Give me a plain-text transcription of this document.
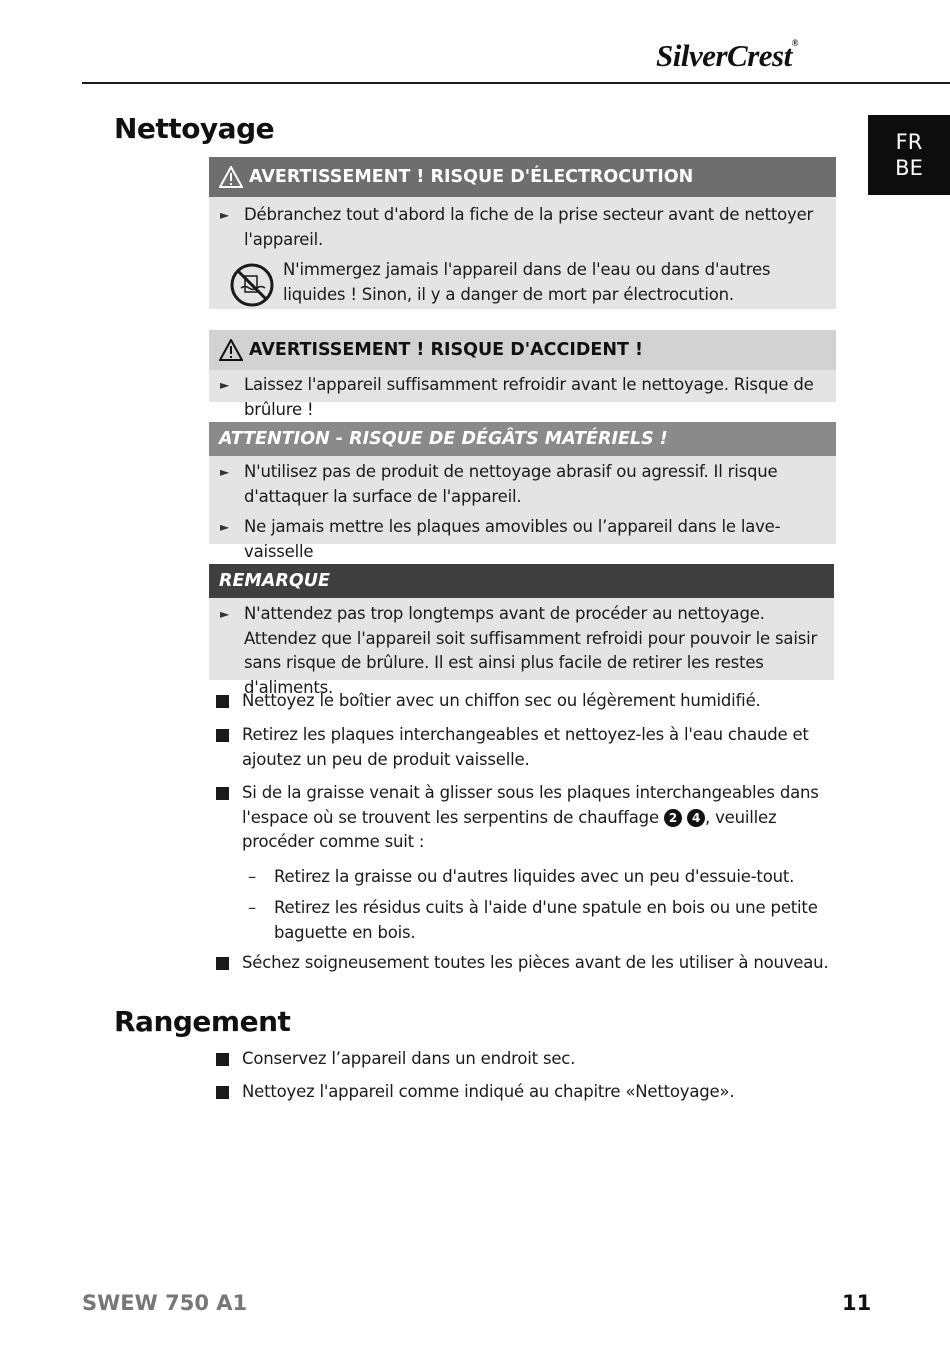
SilverCrest®
FR
BE
Nettoyage
AVERTISSEMENT ! RISQUE D'ÉLECTROCUTION
► Débranchez tout d'abord la fiche de la prise secteur avant de nettoyer l'appareil.
N'immergez jamais l'appareil dans de l'eau ou dans d'autres liquides ! Sinon, il y a danger de mort par électrocution.
AVERTISSEMENT ! RISQUE D'ACCIDENT !
► Laissez l'appareil suffisamment refroidir avant le nettoyage. Risque de brûlure !
ATTENTION - RISQUE DE DÉGÂTS MATÉRIELS !
► N'utilisez pas de produit de nettoyage abrasif ou agressif. Il risque d'attaquer la surface de l'appareil.
► Ne jamais mettre les plaques amovibles ou l’appareil dans le lave-vaisselle
REMARQUE
► N'attendez pas trop longtemps avant de procéder au nettoyage. Attendez que l'appareil soit suffisamment refroidi pour pouvoir le saisir sans risque de brûlure. Il est ainsi plus facile de retirer les restes d'aliments.
Nettoyez le boîtier avec un chiffon sec ou légèrement humidifié.
Retirez les plaques interchangeables et nettoyez-les à l'eau chaude et ajoutez un peu de produit vaisselle.
Si de la graisse venait à glisser sous les plaques interchangeables dans l'espace où se trouvent les serpentins de chauffage 2 4 , veuillez procéder comme suit :
– Retirez la graisse ou d'autres liquides avec un peu d'essuie-tout.
– Retirez les résidus cuits à l'aide d'une spatule en bois ou une petite baguette en bois.
Séchez soigneusement toutes les pièces avant de les utiliser à nouveau.
Rangement
Conservez l’appareil dans un endroit sec.
Nettoyez l'appareil comme indiqué au chapitre «Nettoyage».
SWEW 750 A1	11
